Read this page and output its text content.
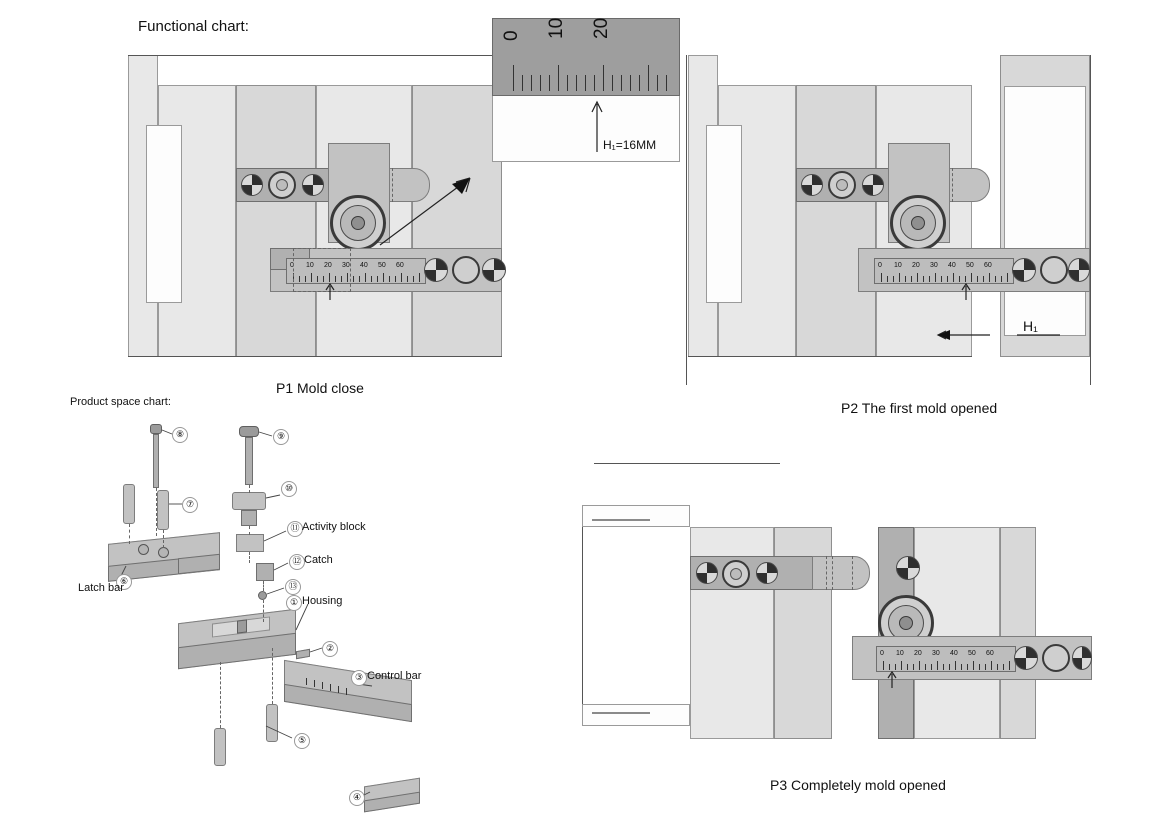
Functional chart:
Product space chart:
0 10 20 30 40 50 60
P1 Mold close
0 10 20
H₁=16MM
0 10 20 30 40 50 60
H₁
P2 The first mold opened
0 10 20 30 40 50 60
P3 Completely mold opened
⑧
⑦
⑨
⑩
⑪
⑫
⑬
⑥
①
②
③
④
⑤
Activity block
Catch
Housing
Control bar
Latch bar
